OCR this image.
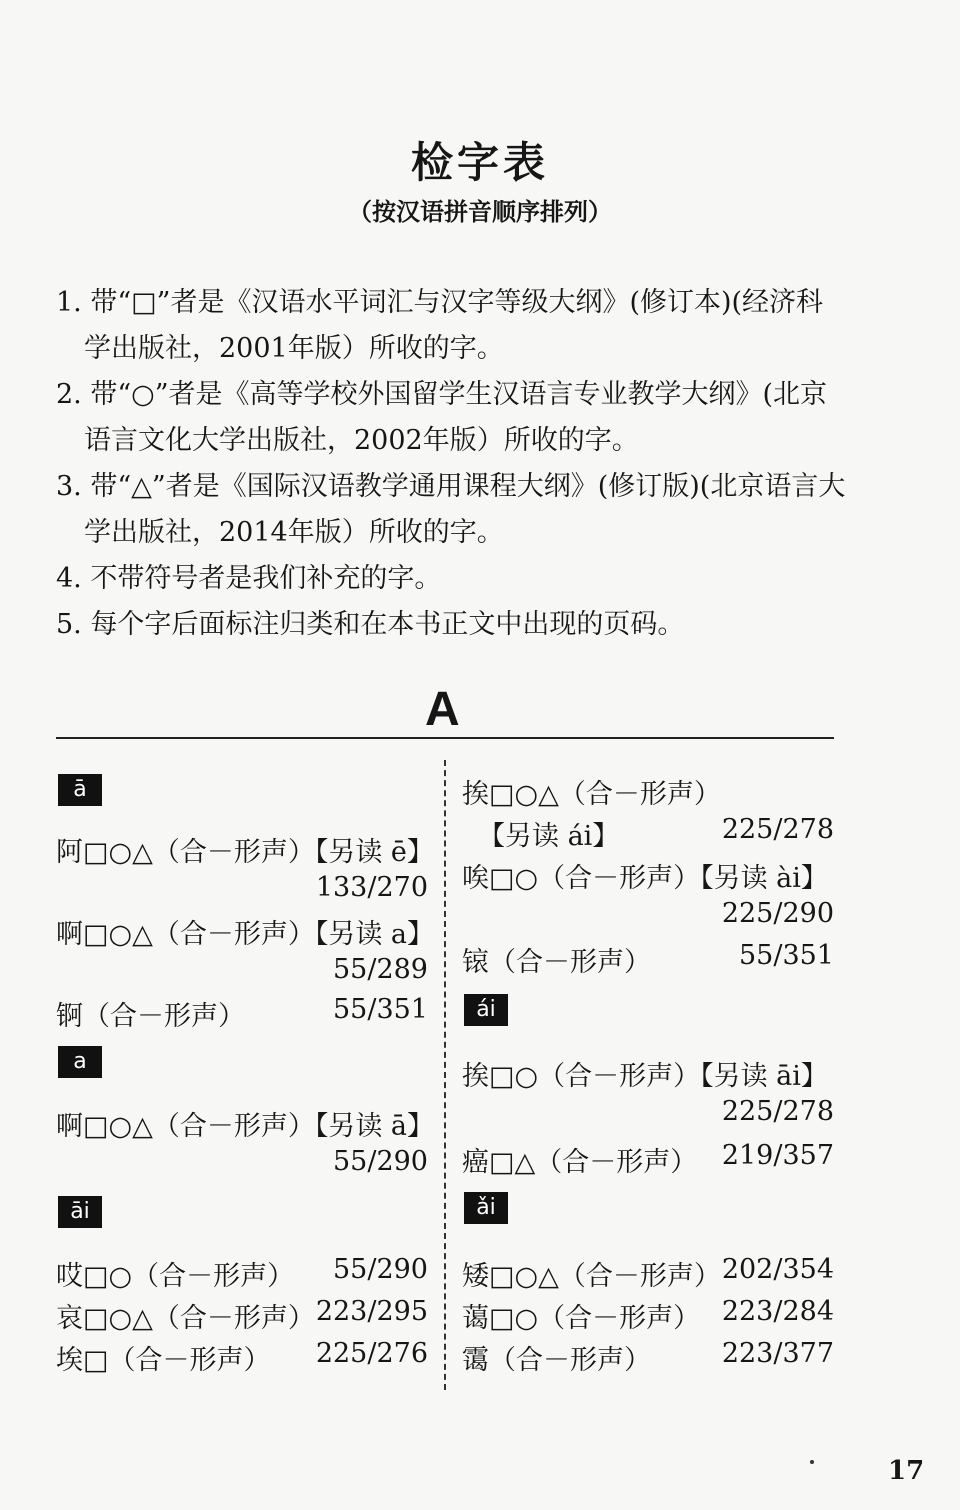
检字表
（按汉语拼音顺序排列）

1. 带“□”者是《汉语水平词汇与汉字等级大纲》(修订本)(经济科学出版社，2001年版）所收的字。

2. 带“○”者是《高等学校外国留学生汉语言专业教学大纲》(北京语言文化大学出版社，2002年版）所收的字。

3. 带“△”者是《国际汉语教学通用课程大纲》(修订版)(北京语言大学出版社，2014年版）所收的字。

4. 不带符号者是我们补充的字。

5. 每个字后面标注归类和在本书正文中出现的页码。

A
ā
阿□○△（合－形声）【另读 ē】
133/270
啊□○△（合－形声）【另读 a】
55/289
锕（合－形声）	55/351
a
啊□○△（合－形声）【另读 ā】
55/290
āi
哎□○（合－形声） 55/290
哀□○△（合－形声） 223/295
埃□（合－形声） 225/276
挨□○△（合－形声）
【另读 ái】	225/278
唉□○（合－形声）【另读 ài】
225/290
锿（合－形声）	55/351
ái
挨□○（合－形声）【另读 āi】
225/278
癌□△（合－形声） 219/357
ǎi
矮□○△（合－形声） 202/354
蔼□○（合－形声） 223/284
霭（合－形声）	223/377
17
